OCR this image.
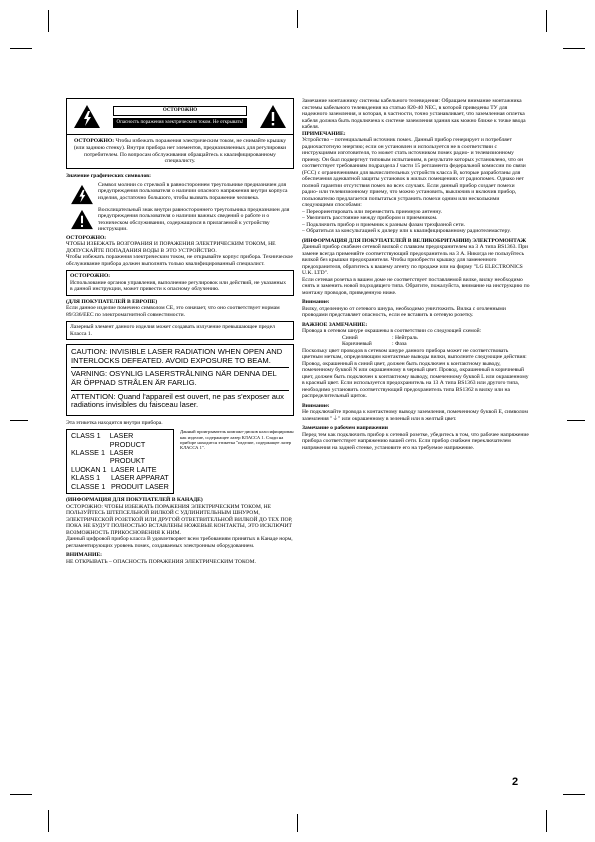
ОСТОРОЖНО
Опасность поражения электрическим током. Не открывать!
ОСТОРОЖНО: Чтобы избежать поражения электрическим током, не снимайте крышку (или заднюю стенку). Внутри прибора нет элементов, предназначенных для регулировки потребителем. По вопросам обслуживания обращайтесь к квалифицированному специалисту.

Значение графических символов:

Символ молнии со стрелкой в равностороннем треугольнике предназначен для предупреждения пользователя о наличии опасного напряжения внутри корпуса изделия, достаточно большого, чтобы вызвать поражение человека.
Восклицательный знак внутри равностороннего треугольника предназначен для предупреждения пользователя о наличии важных сведений о работе и о техническом обслуживании, содержащихся в прилагаемой к устройству инструкции.

ОСТОРОЖНО:

ЧТОБЫ ИЗБЕЖАТЬ ВОЗГОРАНИЯ И ПОРАЖЕНИЯ ЭЛЕКТРИЧЕСКИМ ТОКОМ, НЕ ДОПУСКАЙТЕ ПОПАДАНИЯ ВОДЫ В ЭТО УСТРОЙСТВО.

Чтобы избежать поражения электрическим током, не открывайте корпус прибора. Техническое обслуживание прибора должен выполнять только квалифицированный специалист.

ОСТОРОЖНО:

Использование органов управления, выполнение регулировок или действий, не указанных в данной инструкции, может привести к опасному облучению.

(ДЛЯ ПОКУПАТЕЛЕЙ В ЕВРОПЕ)

Если данное изделие помечено символом CE, это означает, что оно соответствует нормам 89/336/EEC по электромагнитной совместимости.

Лазерный элемент данного изделия может создавать излучение превышающее предел Класса 1.

CAUTION: INVISIBLE LASER RADIATION WHEN OPEN AND INTERLOCKS DEFEATED. AVOID EXPOSURE TO BEAM.
VARNING: OSYNLIG LASERSTRÅLNING NÄR DENNA DEL ÄR ÖPPNAD STRÅLEN ÄR FARLIG.
ATTENTION: Quand l'appareil est ouvert, ne pas s'exposer aux radiations invisibles du faisceau laser.

Эта этикетка находится внутри прибора.

CLASS 1	LASER PRODUCT
KLASSE 1 LASER PRODUKT
LUOKAN 1 LASER LAITE
KLASS 1	LASER APPARAT
CLASSE 1 PRODUIT LASER
Данный проигрыватель компакт-дисков классифицирован как изделие, содержащее лазер КЛАССА 1. Сзади на приборе находится этикетка "изделие, содержащее лазер КЛАССА 1".

(ИНФОРМАЦИЯ ДЛЯ ПОКУПАТЕЛЕЙ В КАНАДЕ)

ОСТОРОЖНО: ЧТОБЫ ИЗБЕЖАТЬ ПОРАЖЕНИЯ ЭЛЕКТРИЧЕСКИМ ТОКОМ, НЕ ПОЛЬЗУЙТЕСЬ ШТЕПСЕЛЬНОЙ ВИЛКОЙ С УДЛИНИТЕЛЬНЫМ ШНУРОМ, ЭЛЕКТРИЧЕСКОЙ РОЗЕТКОЙ ИЛИ ДРУГОЙ ОТВЕТВИТЕЛЬНОЙ ВИЛКОЙ ДО ТЕХ ПОР, ПОКА НЕ БУДУТ ПОЛНОСТЬЮ ВСТАВЛЕНЫ НОЖЕВЫЕ КОНТАКТЫ, ЭТО ИСКЛЮЧИТ ВОЗМОЖНОСТЬ ПРИКОСНОВЕНИЯ К НИМ.

Данный цифровой прибор класса В удовлетворяет всем требованиям принятых в Канаде норм, регламентирующих уровень помех, создаваемых электронным оборудованием.

ВНИМАНИЕ:

НЕ ОТКРЫВАТЬ – ОПАСНОСТЬ ПОРАЖЕНИЯ ЭЛЕКТРИЧЕСКИМ ТОКОМ.

Замечание монтажнику системы кабельного телевидения: Обращаем внимание монтажника системы кабельного телевидения на статью 820-40 NEC, в которой приведены ТУ для надежного заземления, и которая, в частности, точно устанавливает, что заземленная оплетка кабеля должна быть подключена к системе заземления здания как можно ближе к точке ввода кабеля.

ПРИМЕЧАНИЕ:

Устройство – потенциальный источник помех. Данный прибор генерирует и потребляет радиочастотную энергию; если он установлен и используется не в соответствии с инструкциями изготовителя, то может стать источником помех радио- и телевизионному приему. Он был подвергнут типовым испытаниям, в результате которых установлено, что он соответствует требованиям подраздела J части 15 регламента федеральной комиссии по связи (FCC) с ограничениями для вычислительных устройств класса В, которые разработаны для обеспечения адекватной защиты установок в жилых помещениях от радиопомех. Однако нет полной гарантии отсутствия помех во всех случаях. Если данный прибор создает помехи радио- или телевизионному приему, что можно установить, выключив и включив прибор, пользователю предлагается попытаться устранить помехи одним или несколькими следующими способами:

– Переориентировать или переместить приемную антенну.

– Увеличить расстояние между прибором и приемником.

– Подключить прибор и приемник к разным фазам трехфазной сети.

– Обратиться за консультацией к дилеру или к квалифицированному радиотелемастеру.

(ИНФОРМАЦИЯ ДЛЯ ПОКУПАТЕЛЕЙ В ВЕЛИКОБРИТАНИИ) ЭЛЕКТРОМОНТАЖ

Данный прибор снабжен сетевой вилкой с плавким предохранителем на 3 А типа BS1363. При замене всегда применяйте соответствующий предохранитель на 3 А. Никогда не пользуйтесь вилкой без крышки предохранителя. Чтобы приобрести крышку для замененного предохранителя, обратитесь к вашему агенту по продаже или на фирму "LG ELECTRONICS U.K. LTD".

Если сетевая розетка в вашем доме не соответствует поставляемой вилке, вилку необходимо снять и заменить новой подходящего типа. Обратите, пожалуйста, внимание на инструкцию по монтажу проводов, приведенную ниже.

Внимание:

Вилку, отделенную от сетевого шнура, необходимо уничтожить. Вилка с оголенными проводами представляет опасность, если ее вставить в сетевую розетку.

ВАЖНОЕ ЗАМЕЧАНИЕ:

Провода в сетевом шнуре окрашены в соответствии со следующей схемой:

Синий	: Нейтраль
Коричневый	: Фаза

Поскольку цвет проводов в сетевом шнуре данного прибора может не соответствовать цветным меткам, определяющим контактные выводы вилки, выполните следующие действия: Провод, окрашенный в синий цвет, должен быть подключен к контактному выводу, помеченному буквой N или окрашенному в черный цвет. Провод, окрашенный в коричневый цвет, должен быть подключен к контактному выводу, помеченному буквой L или окрашенному в красный цвет. Если используется предохранитель на 13 А типа BS1363 или другого типа, необходимо установить соответствующий предохранитель типа BS1362 в вилку или на распределительный щиток.

Внимание:

Не подключайте провода к контактному выводу заземления, помеченному буквой Е, символом заземления "⏚" или окрашенному в зеленый или в желтый цвет.

Замечание о рабочем напряжении

Перед тем как подключить прибор к сетевой розетке, убедитесь в том, что рабочее напряжение прибора соответствует напряжению вашей сети. Если прибор снабжен переключателем напряжения на задней стенке, установите его на требуемое напряжение.

2
